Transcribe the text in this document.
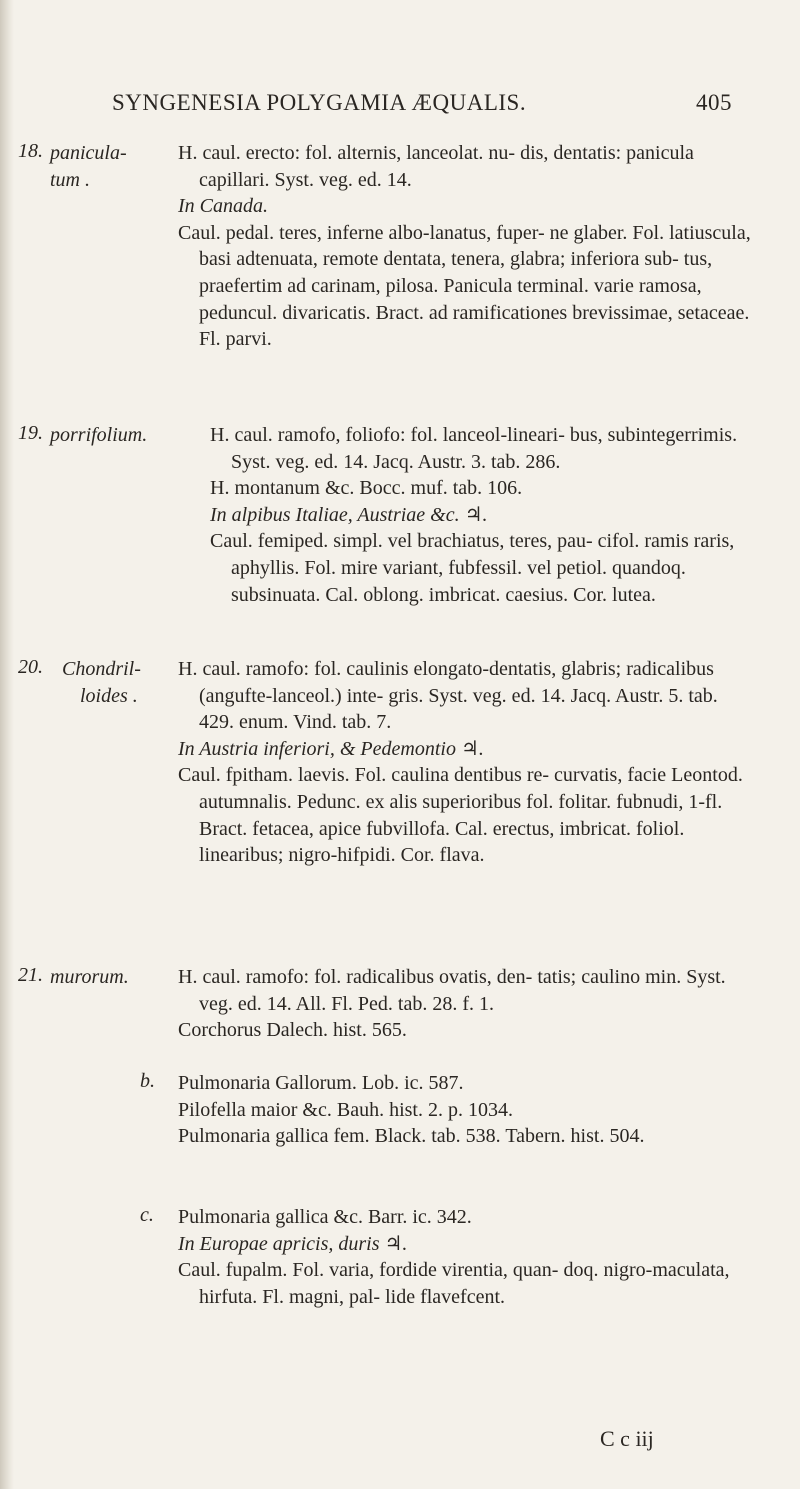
SYNGENESIA POLYGAMIA ÆQUALIS.	405
18. panicula-
tum .

H. caul. erecto: fol. alternis, lanceolat. nu- dis, dentatis: panicula capillari. Syst. veg. ed. 14.

In Canada.

Caul. pedal. teres, inferne albo-lanatus, fuper- ne glaber. Fol. latiuscula, basi adtenuata, remote dentata, tenera, glabra; inferiora sub- tus, praefertim ad carinam, pilosa. Panicula terminal. varie ramosa, peduncul. divaricatis. Bract. ad ramificationes brevissimae, setaceae. Fl. parvi.

19. porrifolium.	H. caul. ramofo, foliofo: fol. lanceol-lineari- bus, subintegerrimis. Syst. veg. ed. 14. Jacq. Austr. 3. tab. 286.

H. montanum &c. Bocc. muf. tab. 106.

In alpibus Italiae, Austriae &c. ♃.

Caul. femiped. simpl. vel brachiatus, teres, pau- cifol. ramis raris, aphyllis. Fol. mire variant, fubfessil. vel petiol. quandoq. subsinuata. Cal. oblong. imbricat. caesius. Cor. lutea.

20. Chondril-
loides .

H. caul. ramofo: fol. caulinis elongato-dentatis, glabris; radicalibus (angufte-lanceol.) inte- gris. Syst. veg. ed. 14. Jacq. Austr. 5. tab. 429. enum. Vind. tab. 7.

In Austria inferiori, & Pedemontio ♃.

Caul. fpitham. laevis. Fol. caulina dentibus re- curvatis, facie Leontod. autumnalis. Pedunc. ex alis superioribus fol. folitar. fubnudi, 1-fl. Bract. fetacea, apice fubvillofa. Cal. erectus, imbricat. foliol. linearibus; nigro-hifpidi. Cor. flava.

21. murorum. H. caul. ramofo: fol. radicalibus ovatis, den- tatis; caulino min. Syst. veg. ed. 14. All. Fl. Ped. tab. 28. f. 1.

Corchorus Dalech. hist. 565.

b. Pulmonaria Gallorum. Lob. ic. 587.

Pilofella maior &c. Bauh. hist. 2. p. 1034.

Pulmonaria gallica fem. Black. tab. 538. Tabern. hist. 504.

c. Pulmonaria gallica &c. Barr. ic. 342.

In Europae apricis, duris ♃.

Caul. fupalm. Fol. varia, fordide virentia, quan- doq. nigro-maculata, hirfuta. Fl. magni, pal- lide flavefcent.

C c iij
